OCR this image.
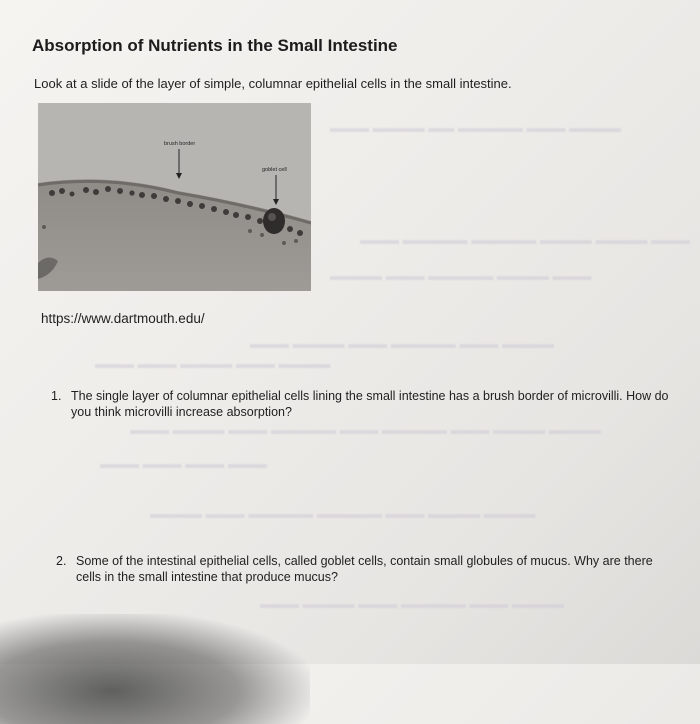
▬▬▬ ▬▬▬▬ ▬▬ ▬▬▬▬▬ ▬▬▬ ▬▬▬▬
▬▬▬ ▬▬▬▬▬ ▬▬▬▬▬ ▬▬▬▬ ▬▬▬▬ ▬▬▬
▬▬▬▬ ▬▬▬ ▬▬▬▬▬ ▬▬▬▬ ▬▬▬
▬▬▬ ▬▬▬▬ ▬▬▬ ▬▬▬▬▬ ▬▬▬ ▬▬▬▬
▬▬▬ ▬▬▬ ▬▬▬▬ ▬▬▬ ▬▬▬▬
▬▬▬ ▬▬▬▬ ▬▬▬ ▬▬▬▬▬ ▬▬▬ ▬▬▬▬▬ ▬▬▬ ▬▬▬▬ ▬▬▬▬
▬▬▬ ▬▬▬ ▬▬▬ ▬▬▬
▬▬▬▬ ▬▬▬ ▬▬▬▬▬ ▬▬▬▬▬ ▬▬▬ ▬▬▬▬ ▬▬▬▬
▬▬▬ ▬▬▬▬ ▬▬▬ ▬▬▬▬▬ ▬▬▬ ▬▬▬▬
Absorption of Nutrients in the Small Intestine
Look at a slide of the layer of simple, columnar epithelial cells in the small intestine.
brush border
goblet cell
https://www.dartmouth.edu/
1. The single layer of columnar epithelial cells lining the small intestine has a brush border of microvilli. How do you think microvilli increase absorption?
2. Some of the intestinal epithelial cells, called goblet cells, contain small globules of mucus. Why are there cells in the small intestine that produce mucus?
